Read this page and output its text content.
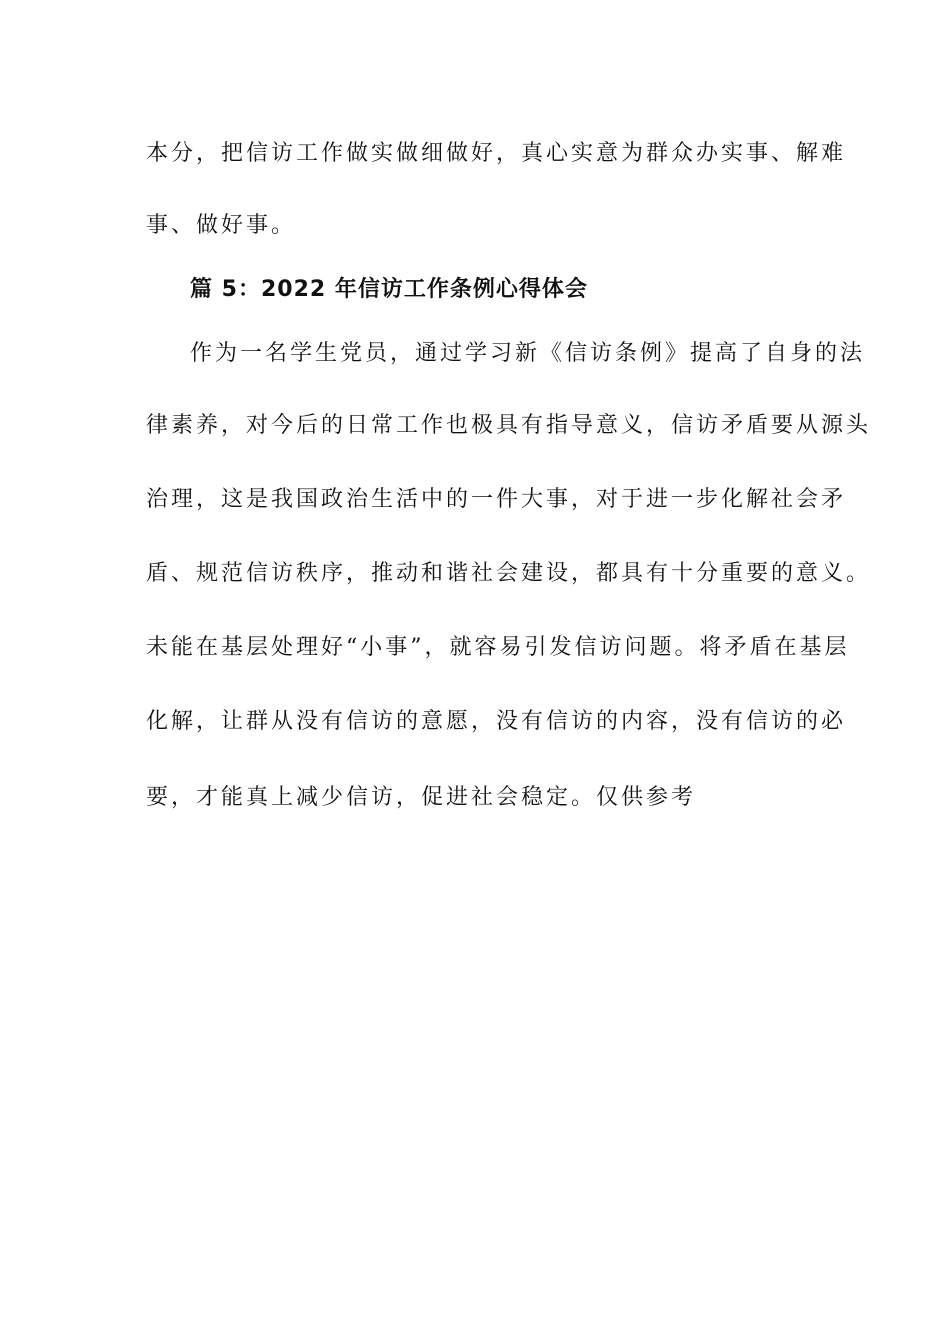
本分，把信访工作做实做细做好，真心实意为群众办实事、解难
事、做好事。
篇 5：2022 年信访工作条例心得体会
作为一名学生党员，通过学习新《信访条例》提高了自身的法
律素养，对今后的日常工作也极具有指导意义，信访矛盾要从源头
治理，这是我国政治生活中的一件大事，对于进一步化解社会矛
盾、规范信访秩序，推动和谐社会建设，都具有十分重要的意义。
未能在基层处理好“小事”，就容易引发信访问题。将矛盾在基层
化解，让群从没有信访的意愿，没有信访的内容，没有信访的必
要，才能真上减少信访，促进社会稳定。仅供参考
